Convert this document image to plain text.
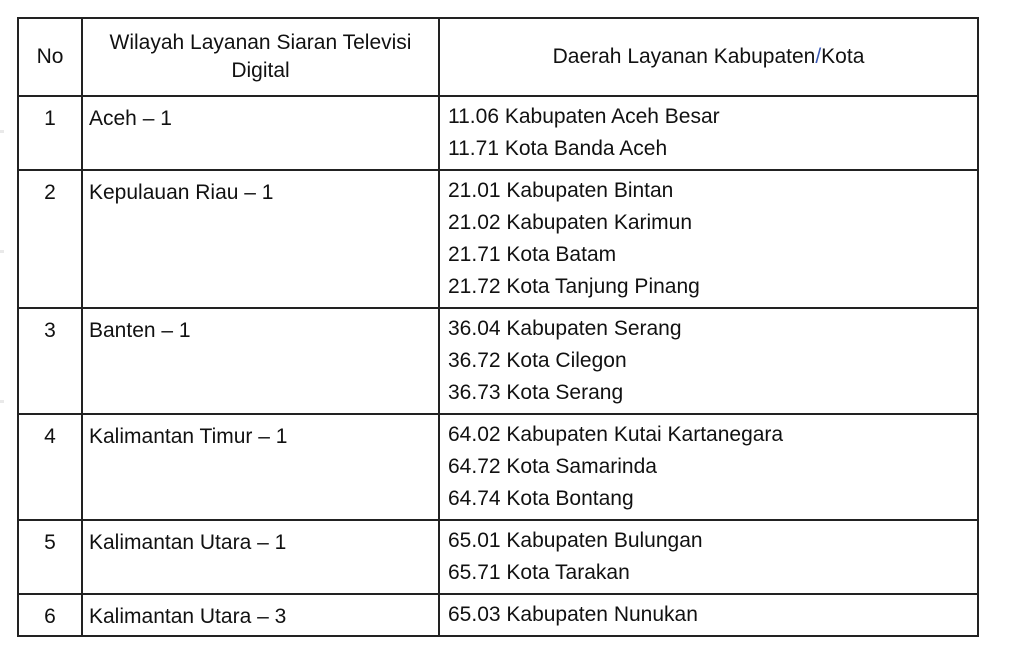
No	Wilayah Layanan Siaran Televisi Digital	Daerah Layanan Kabupaten/Kota
1	Aceh – 1	11.06 Kabupaten Aceh Besar
11.71 Kota Banda Aceh

2	Kepulauan Riau – 1	21.01 Kabupaten Bintan
21.02 Kabupaten Karimun
21.71 Kota Batam
21.72 Kota Tanjung Pinang

3	Banten – 1	36.04 Kabupaten Serang
36.72 Kota Cilegon
36.73 Kota Serang

4	Kalimantan Timur – 1	64.02 Kabupaten Kutai Kartanegara
64.72 Kota Samarinda
64.74 Kota Bontang

5	Kalimantan Utara – 1	65.01 Kabupaten Bulungan
65.71 Kota Tarakan

6	Kalimantan Utara – 3	65.03 Kabupaten Nunukan
